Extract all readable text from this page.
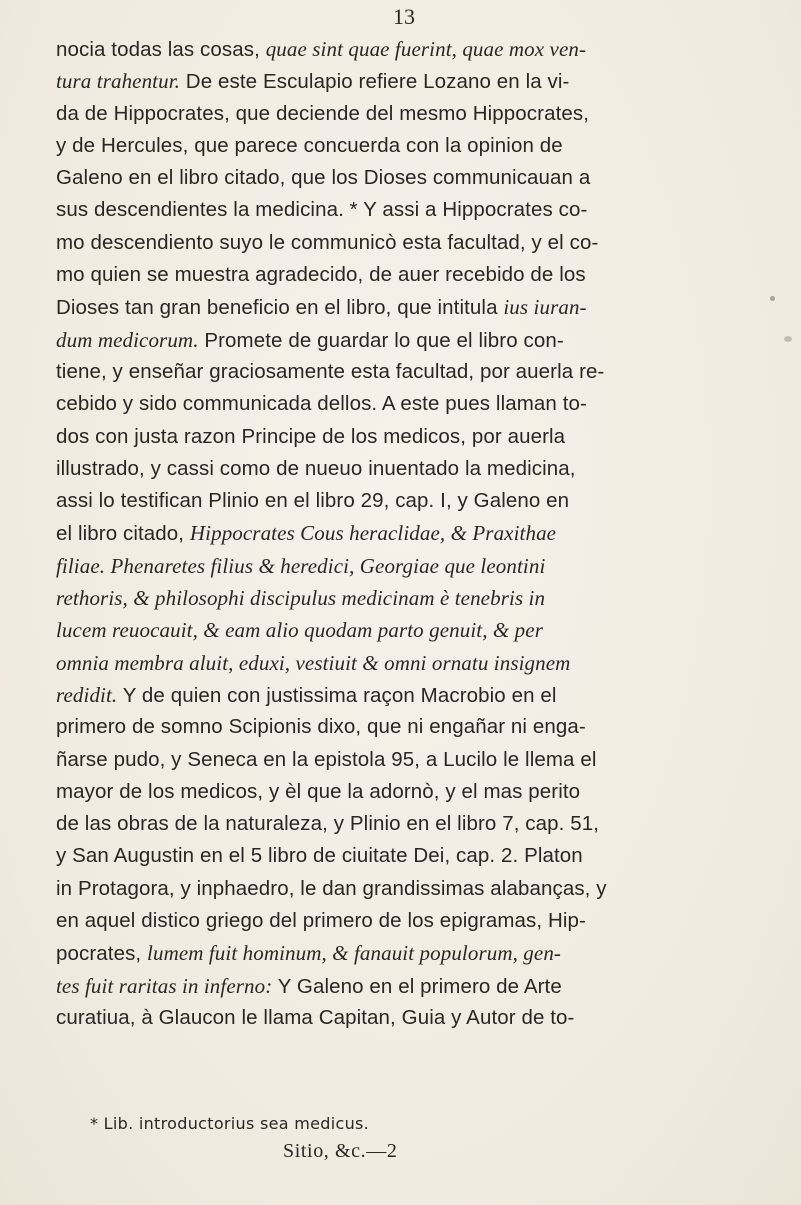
13
nocia todas las cosas, quae sint quae fuerint, quae mox ven-
tura trahentur. De este Esculapio refiere Lozano en la vi-
da de Hippocrates, que deciende del mesmo Hippocrates,
y de Hercules, que parece concuerda con la opinion de
Galeno en el libro citado, que los Dioses communicauan a
sus descendientes la medicina. * Y assi a Hippocrates co-
mo descendiento suyo le communicò esta facultad, y el co-
mo quien se muestra agradecido, de auer recebido de los
Dioses tan gran beneficio en el libro, que intitula ius iuran-
dum medicorum. Promete de guardar lo que el libro con-
tiene, y enseñar graciosamente esta facultad, por auerla re-
cebido y sido communicada dellos. A este pues llaman to-
dos con justa razon Principe de los medicos, por auerla
illustrado, y cassi como de nueuo inuentado la medicina,
assi lo testifican Plinio en el libro 29, cap. I, y Galeno en
el libro citado, Hippocrates Cous heraclidae, & Praxithae
filiae. Phenaretes filius & heredici, Georgiae que leontini
rethoris, & philosophi discipulus medicinam è tenebris in
lucem reuocauit, & eam alio quodam parto genuit, & per
omnia membra aluit, eduxi, vestiuit & omni ornatu insignem
redidit. Y de quien con justissima raçon Macrobio en el
primero de somno Scipionis dixo, que ni engañar ni enga-
ñarse pudo, y Seneca en la epistola 95, a Lucilo le llema el
mayor de los medicos, y èl que la adornò, y el mas perito
de las obras de la naturaleza, y Plinio en el libro 7, cap. 51,
y San Augustin en el 5 libro de ciuitate Dei, cap. 2. Platon
in Protagora, y inphaedro, le dan grandissimas alabanças, y
en aquel distico griego del primero de los epigramas, Hip-
pocrates, lumem fuit hominum, & fanauit populorum, gen-
tes fuit raritas in inferno: Y Galeno en el primero de Arte
curatiua, à Glaucon le llama Capitan, Guia y Autor de to-
* Lib. introductorius sea medicus.
Sitio, &c.—2
